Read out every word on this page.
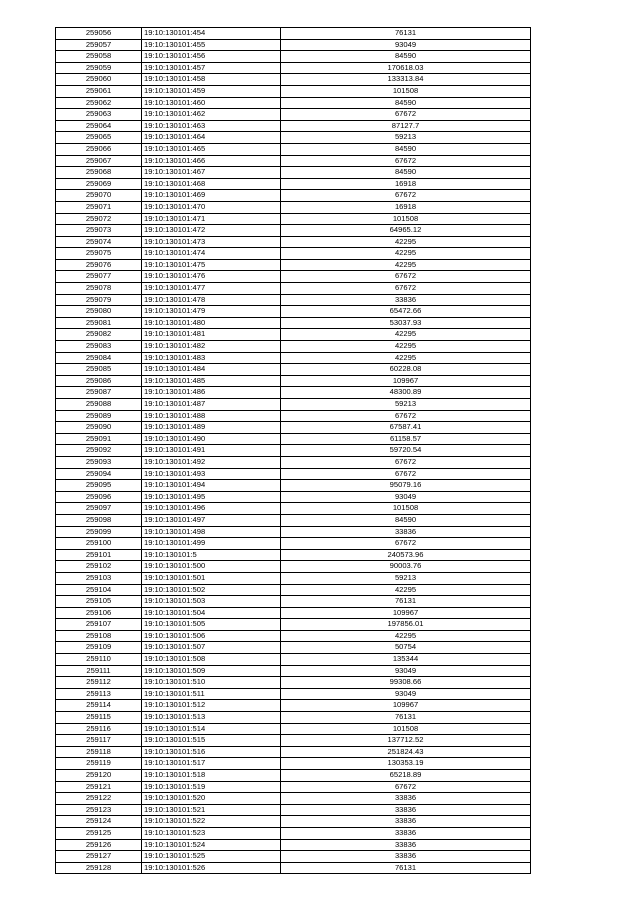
259056	19:10:130101:454	76131
259057	19:10:130101:455	93049
259058	19:10:130101:456	84590
259059	19:10:130101:457	170618.03
259060	19:10:130101:458	133313.84
259061	19:10:130101:459	101508
259062	19:10:130101:460	84590
259063	19:10:130101:462	67672
259064	19:10:130101:463	87127.7
259065	19:10:130101:464	59213
259066	19:10:130101:465	84590
259067	19:10:130101:466	67672
259068	19:10:130101:467	84590
259069	19:10:130101:468	16918
259070	19:10:130101:469	67672
259071	19:10:130101:470	16918
259072	19:10:130101:471	101508
259073	19:10:130101:472	64965.12
259074	19:10:130101:473	42295
259075	19:10:130101:474	42295
259076	19:10:130101:475	42295
259077	19:10:130101:476	67672
259078	19:10:130101:477	67672
259079	19:10:130101:478	33836
259080	19:10:130101:479	65472.66
259081	19:10:130101:480	53037.93
259082	19:10:130101:481	42295
259083	19:10:130101:482	42295
259084	19:10:130101:483	42295
259085	19:10:130101:484	60228.08
259086	19:10:130101:485	109967
259087	19:10:130101:486	48300.89
259088	19:10:130101:487	59213
259089	19:10:130101:488	67672
259090	19:10:130101:489	67587.41
259091	19:10:130101:490	61158.57
259092	19:10:130101:491	59720.54
259093	19:10:130101:492	67672
259094	19:10:130101:493	67672
259095	19:10:130101:494	95079.16
259096	19:10:130101:495	93049
259097	19:10:130101:496	101508
259098	19:10:130101:497	84590
259099	19:10:130101:498	33836
259100	19:10:130101:499	67672
259101	19:10:130101:5	240573.96
259102	19:10:130101:500	90003.76
259103	19:10:130101:501	59213
259104	19:10:130101:502	42295
259105	19:10:130101:503	76131
259106	19:10:130101:504	109967
259107	19:10:130101:505	197856.01
259108	19:10:130101:506	42295
259109	19:10:130101:507	50754
259110	19:10:130101:508	135344
259111	19:10:130101:509	93049
259112	19:10:130101:510	99308.66
259113	19:10:130101:511	93049
259114	19:10:130101:512	109967
259115	19:10:130101:513	76131
259116	19:10:130101:514	101508
259117	19:10:130101:515	137712.52
259118	19:10:130101:516	251824.43
259119	19:10:130101:517	130353.19
259120	19:10:130101:518	65218.89
259121	19:10:130101:519	67672
259122	19:10:130101:520	33836
259123	19:10:130101:521	33836
259124	19:10:130101:522	33836
259125	19:10:130101:523	33836
259126	19:10:130101:524	33836
259127	19:10:130101:525	33836
259128	19:10:130101:526	76131
